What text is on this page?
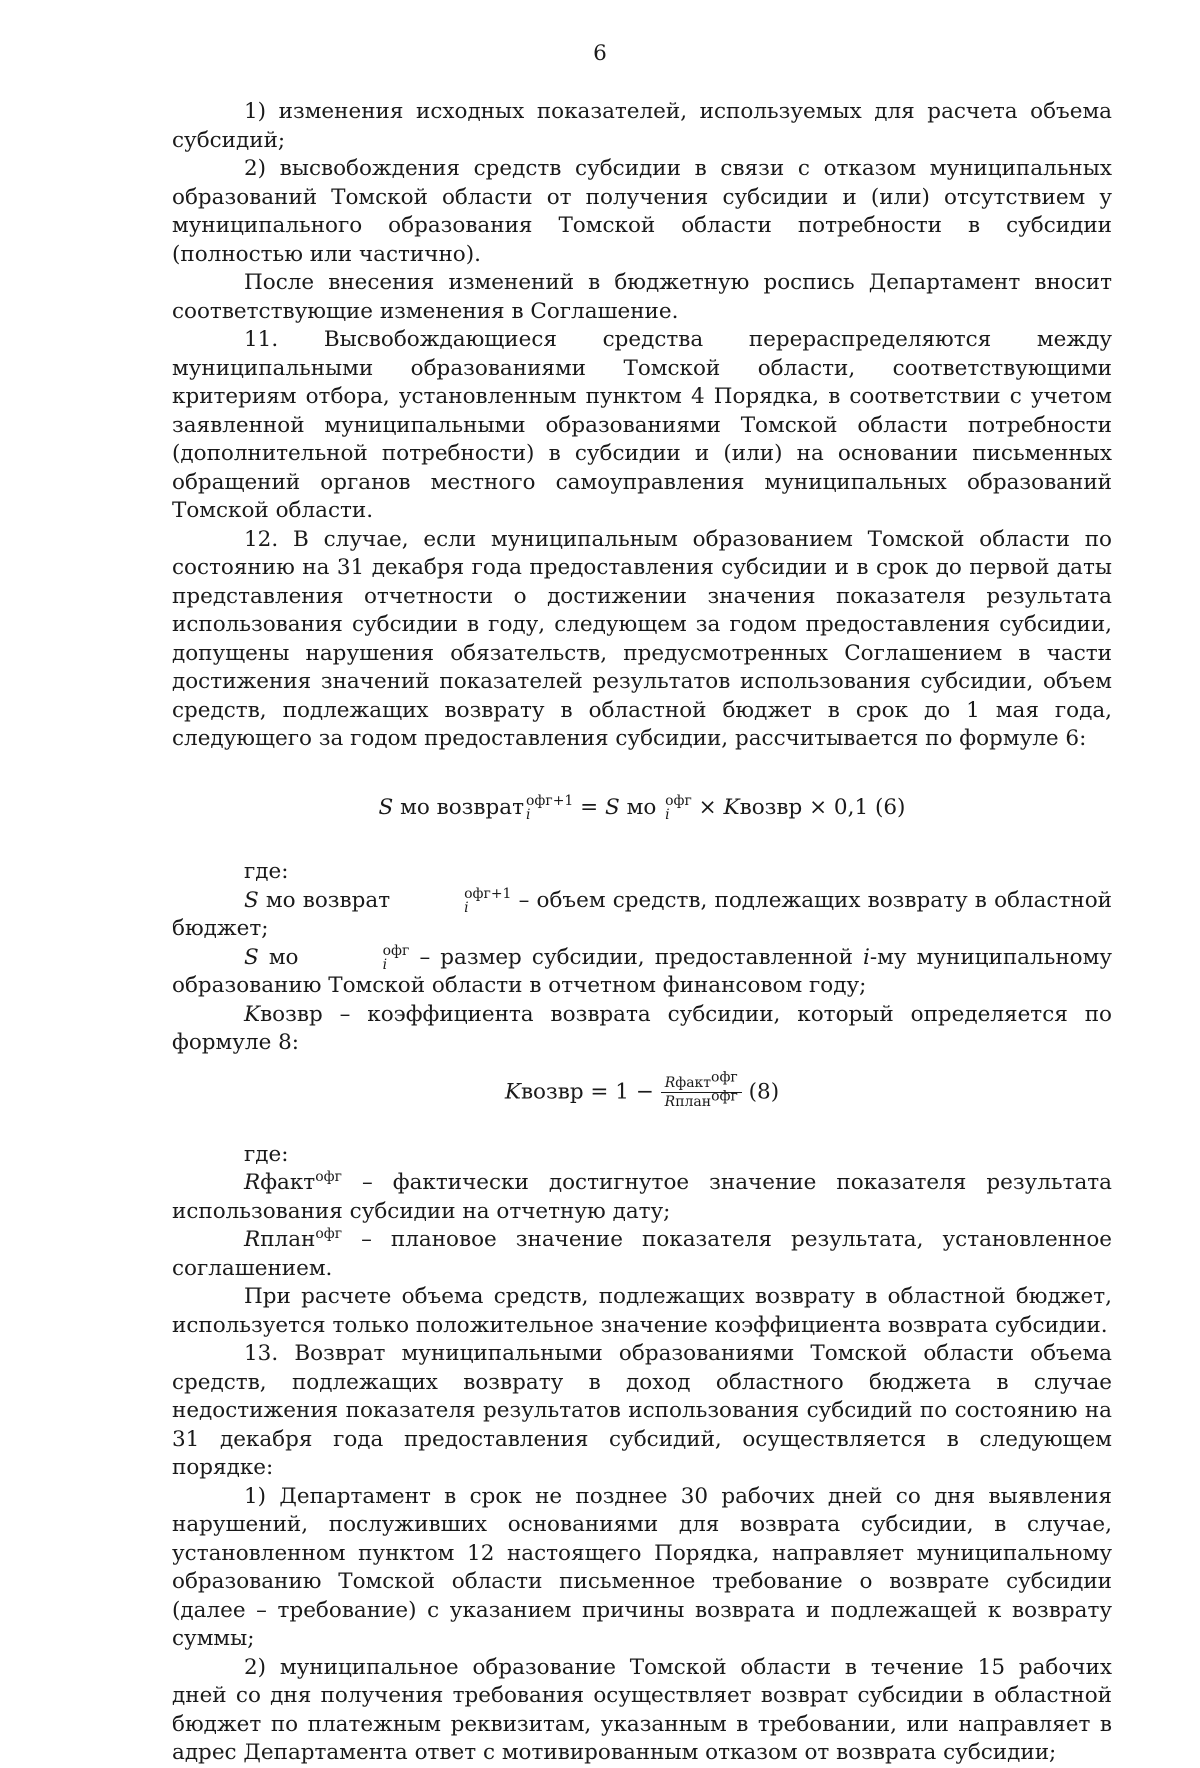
6

1) изменения исходных показателей, используемых для расчета объема субсидий;

2) высвобождения средств субсидии в связи с отказом муниципальных образований Томской области от получения субсидии и (или) отсутствием у муниципального образования Томской области потребности в субсидии (полностью или частично).

После внесения изменений в бюджетную роспись Департамент вносит соответствующие изменения в Соглашение.

11. Высвобождающиеся средства перераспределяются между муниципальными образованиями Томской области, соответствующими критериям отбора, установленным пунктом 4 Порядка, в соответствии с учетом заявленной муниципальными образованиями Томской области потребности (дополнительной потребности) в субсидии и (или) на основании письменных обращений органов местного самоуправления муниципальных образований Томской области.

12. В случае, если муниципальным образованием Томской области по состоянию на 31 декабря года предоставления субсидии и в срок до первой даты представления отчетности о достижении значения показателя результата использования субсидии в году, следующем за годом предоставления субсидии, допущены нарушения обязательств, предусмотренных Соглашением в части достижения значений показателей результатов использования субсидии, объем средств, подлежащих возврату в областной бюджет в срок до 1 мая года, следующего за годом предоставления субсидии, рассчитывается по формуле 6:

S мо возврат офг+1
i	= S мо офг
i	× Kвозвр × 0,1 (6)

где:

S мо возврат	офг+1
i	– объем средств, подлежащих возврату в областной бюджет;

S мо	офг
i	– размер субсидии, предоставленной i-му муниципальному образованию Томской области в отчетном финансовом году;

Kвозвр – коэффициента возврата субсидии, который определяется по формуле 8:

Kвозвр = $1 - \frac{Rфакт^{офг}}{Rплан^{офг}} (8)$

где:

Rфакт$^{офг}$ – фактически достигнутое значение показателя результата использования субсидии на отчетную дату;

Rплан$^{офг}$ – плановое значение показателя результата, установленное соглашением.

При расчете объема средств, подлежащих возврату в областной бюджет, используется только положительное значение коэффициента возврата субсидии.

13. Возврат муниципальными образованиями Томской области объема средств, подлежащих возврату в доход областного бюджета в случае недостижения показателя результатов использования субсидий по состоянию на 31 декабря года предоставления субсидий, осуществляется в следующем порядке:

1) Департамент в срок не позднее 30 рабочих дней со дня выявления нарушений, послуживших основаниями для возврата субсидии, в случае, установленном пунктом 12 настоящего Порядка, направляет муниципальному образованию Томской области письменное требование о возврате субсидии (далее – требование) с указанием причины возврата и подлежащей к возврату суммы;

2) муниципальное образование Томской области в течение 15 рабочих дней со дня получения требования осуществляет возврат субсидии в областной бюджет по платежным реквизитам, указанным в требовании, или направляет в адрес Департамента ответ с мотивированным отказом от возврата субсидии;
